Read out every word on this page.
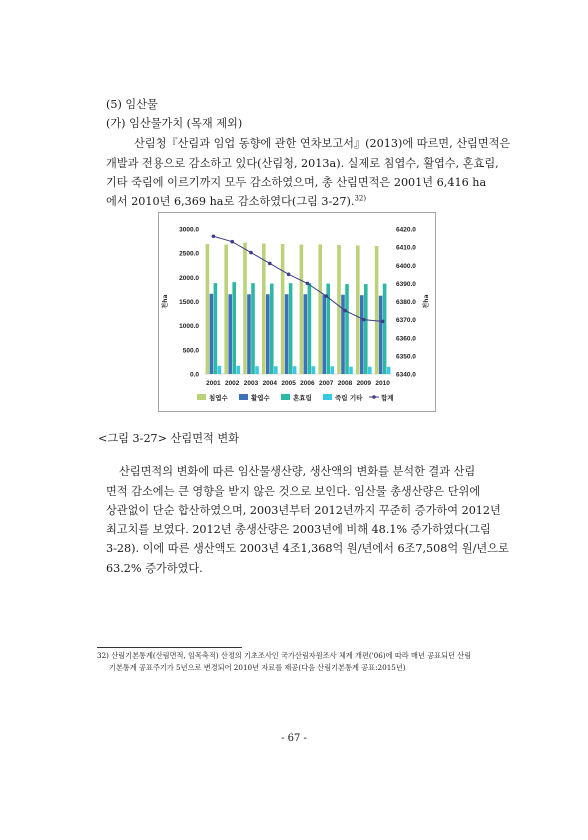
(5) 임산물
(가) 임산물가치 (목재 제외)
산림청『산림과 임업 동향에 관한 연차보고서』(2013)에 따르면, 산림면적은
개발과 전용으로 감소하고 있다(산림청, 2013a). 실제로 침엽수, 활엽수, 혼효림,
기타 죽림에 이르기까지 모두 감소하였으며, 총 산림면적은 2001년 6,416 ha
에서 2010년 6,369 ha로 감소하였다(그림 3-27).$^{32)}$
3000.0
2500.0
2000.0
1500.0
1000.0
500.0
0.0
6420.0
6410.0
6400.0
6390.0
6380.0
6370.0
6360.0
6350.0
6340.0
천ha	천ha
2001 2002 2003 2004 2005 2006 2007 2008 2009 2010
침엽수	활엽수	혼효림	죽림 기타	합계
<그림 3-27> 산림면적 변화
산림면적의 변화에 따른 임산물생산량, 생산액의 변화를 분석한 결과 산림
면적 감소에는 큰 영향을 받지 않은 것으로 보인다. 임산물 총생산량은 단위에
상관없이 단순 합산하였으며, 2003년부터 2012년까지 꾸준히 증가하여 2012년
최고치를 보였다. 2012년 총생산량은 2003년에 비해 48.1% 증가하였다(그림
3-28). 이에 따른 생산액도 2003년 4조1,368억 원/년에서 6조7,508억 원/년으로
63.2% 증가하였다.
32) 산림기본통계(산림면적, 임목축적) 산정의 기초조사인 국가산림자원조사 체계 개편('06)에 따라 매년 공표되던 산림
기본통계 공표주기가 5년으로 변경되어 2010년 자료를 제공(다음 산림기본통계 공표:2015년)
- 67 -
